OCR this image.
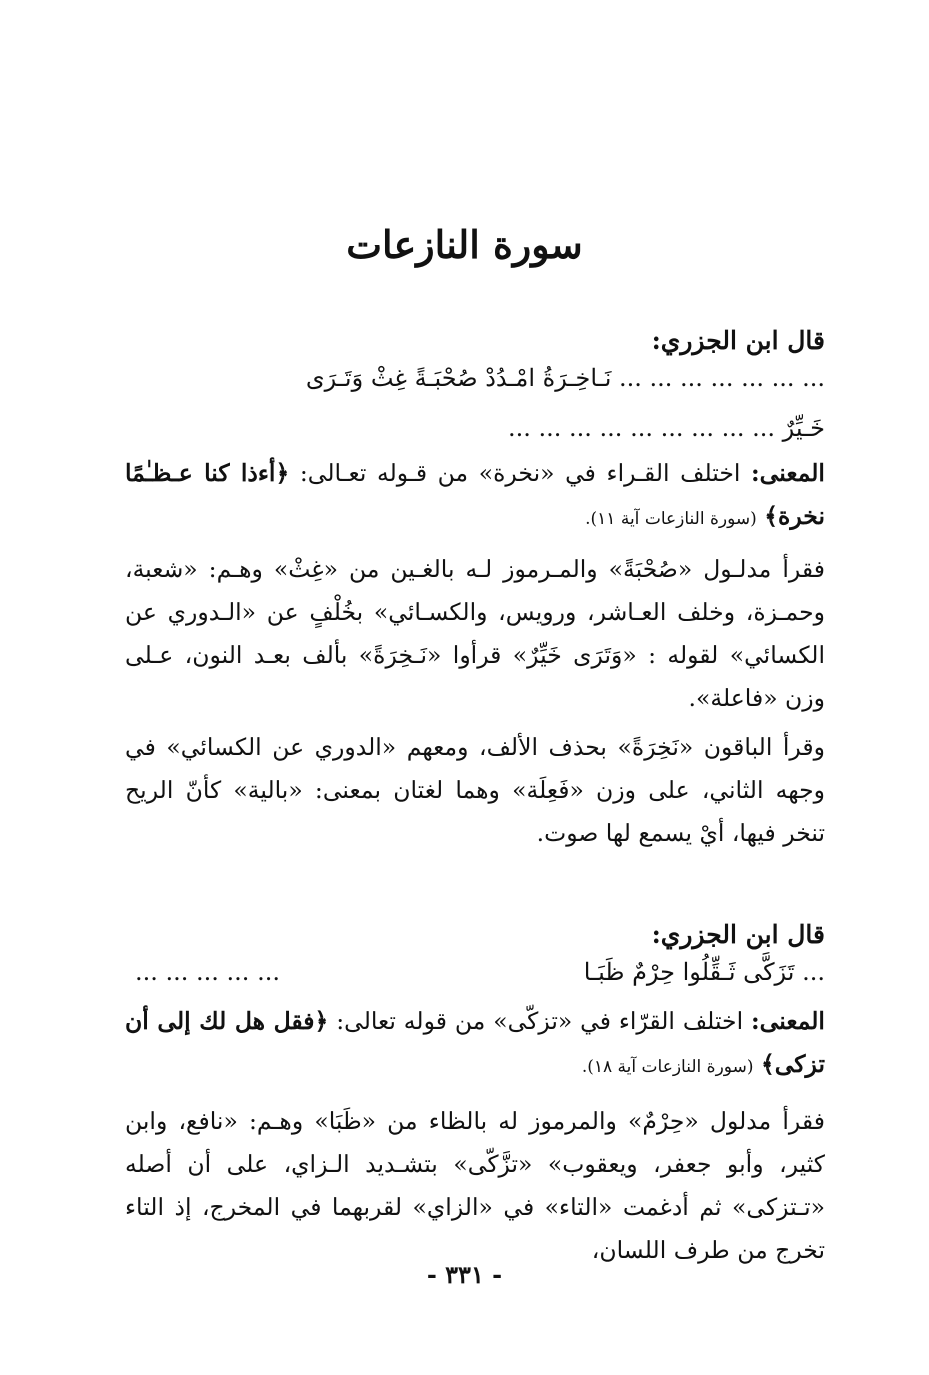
سورة النازعات
قال ابن الجزري:
... ... ... ... ... ... ... نَـاخِـرَةُ امْـدُدْ صُحْبَـةً غِثْ وَتَـرَى
خَـيِّرٌ ... ... ... ... ... ... ... ... ...
المعنى: اختلف القـراء في «نخرة» من قـوله تعـالى: ﴿أءذا كنا عـظـٰمًا نخرة﴾ (سورة النازعات آية ١١).
فقرأ مدلـول «صُحْبَةً» والمـرموز لـه بالغـين من «غِثْ» وهـم: «شعبة، وحمـزة، وخلف العـاشر، ورويس، والكسـائي» بخُلْفٍ عن «الـدوري عن الكسائي» لقوله : «وَتَرَى خَيِّرٌ» قرأوا «نَـخِرَةً» بألف بعـد النون، عـلى وزن «فاعلة».
وقرأ الباقون «نَخِرَةً» بحذف الألف، ومعهم «الدوري عن الكسائي» في وجهه الثاني، على وزن «فَعِلَة» وهما لغتان بمعنى: «بالية» كأنّ الريح تنخر فيها، أيْ يسمع لها صوت.
قال ابن الجزري:
... تَزَكَّى ثَـقِّلُوا حِرْمٌ ظَبَـا
... ... ... ... ...
المعنى: اختلف القرّاء في «تزكّى» من قوله تعالى: ﴿فقل هل لك إلى أن تزكى﴾ (سورة النازعات آية ١٨).
فقرأ مدلول «حِرْمٌ» والمرموز له بالظاء من «ظَبَا» وهـم: «نافع، وابن كثير، وأبو جعفر، ويعقوب» «تزَّكّى» بتشـديد الـزاي، على أن أصله «تـتزكى» ثم أدغمت «التاء» في «الزاي» لقربهما في المخرج، إذ التاء تخرج من طرف اللسان،
- ٣٣١ -
